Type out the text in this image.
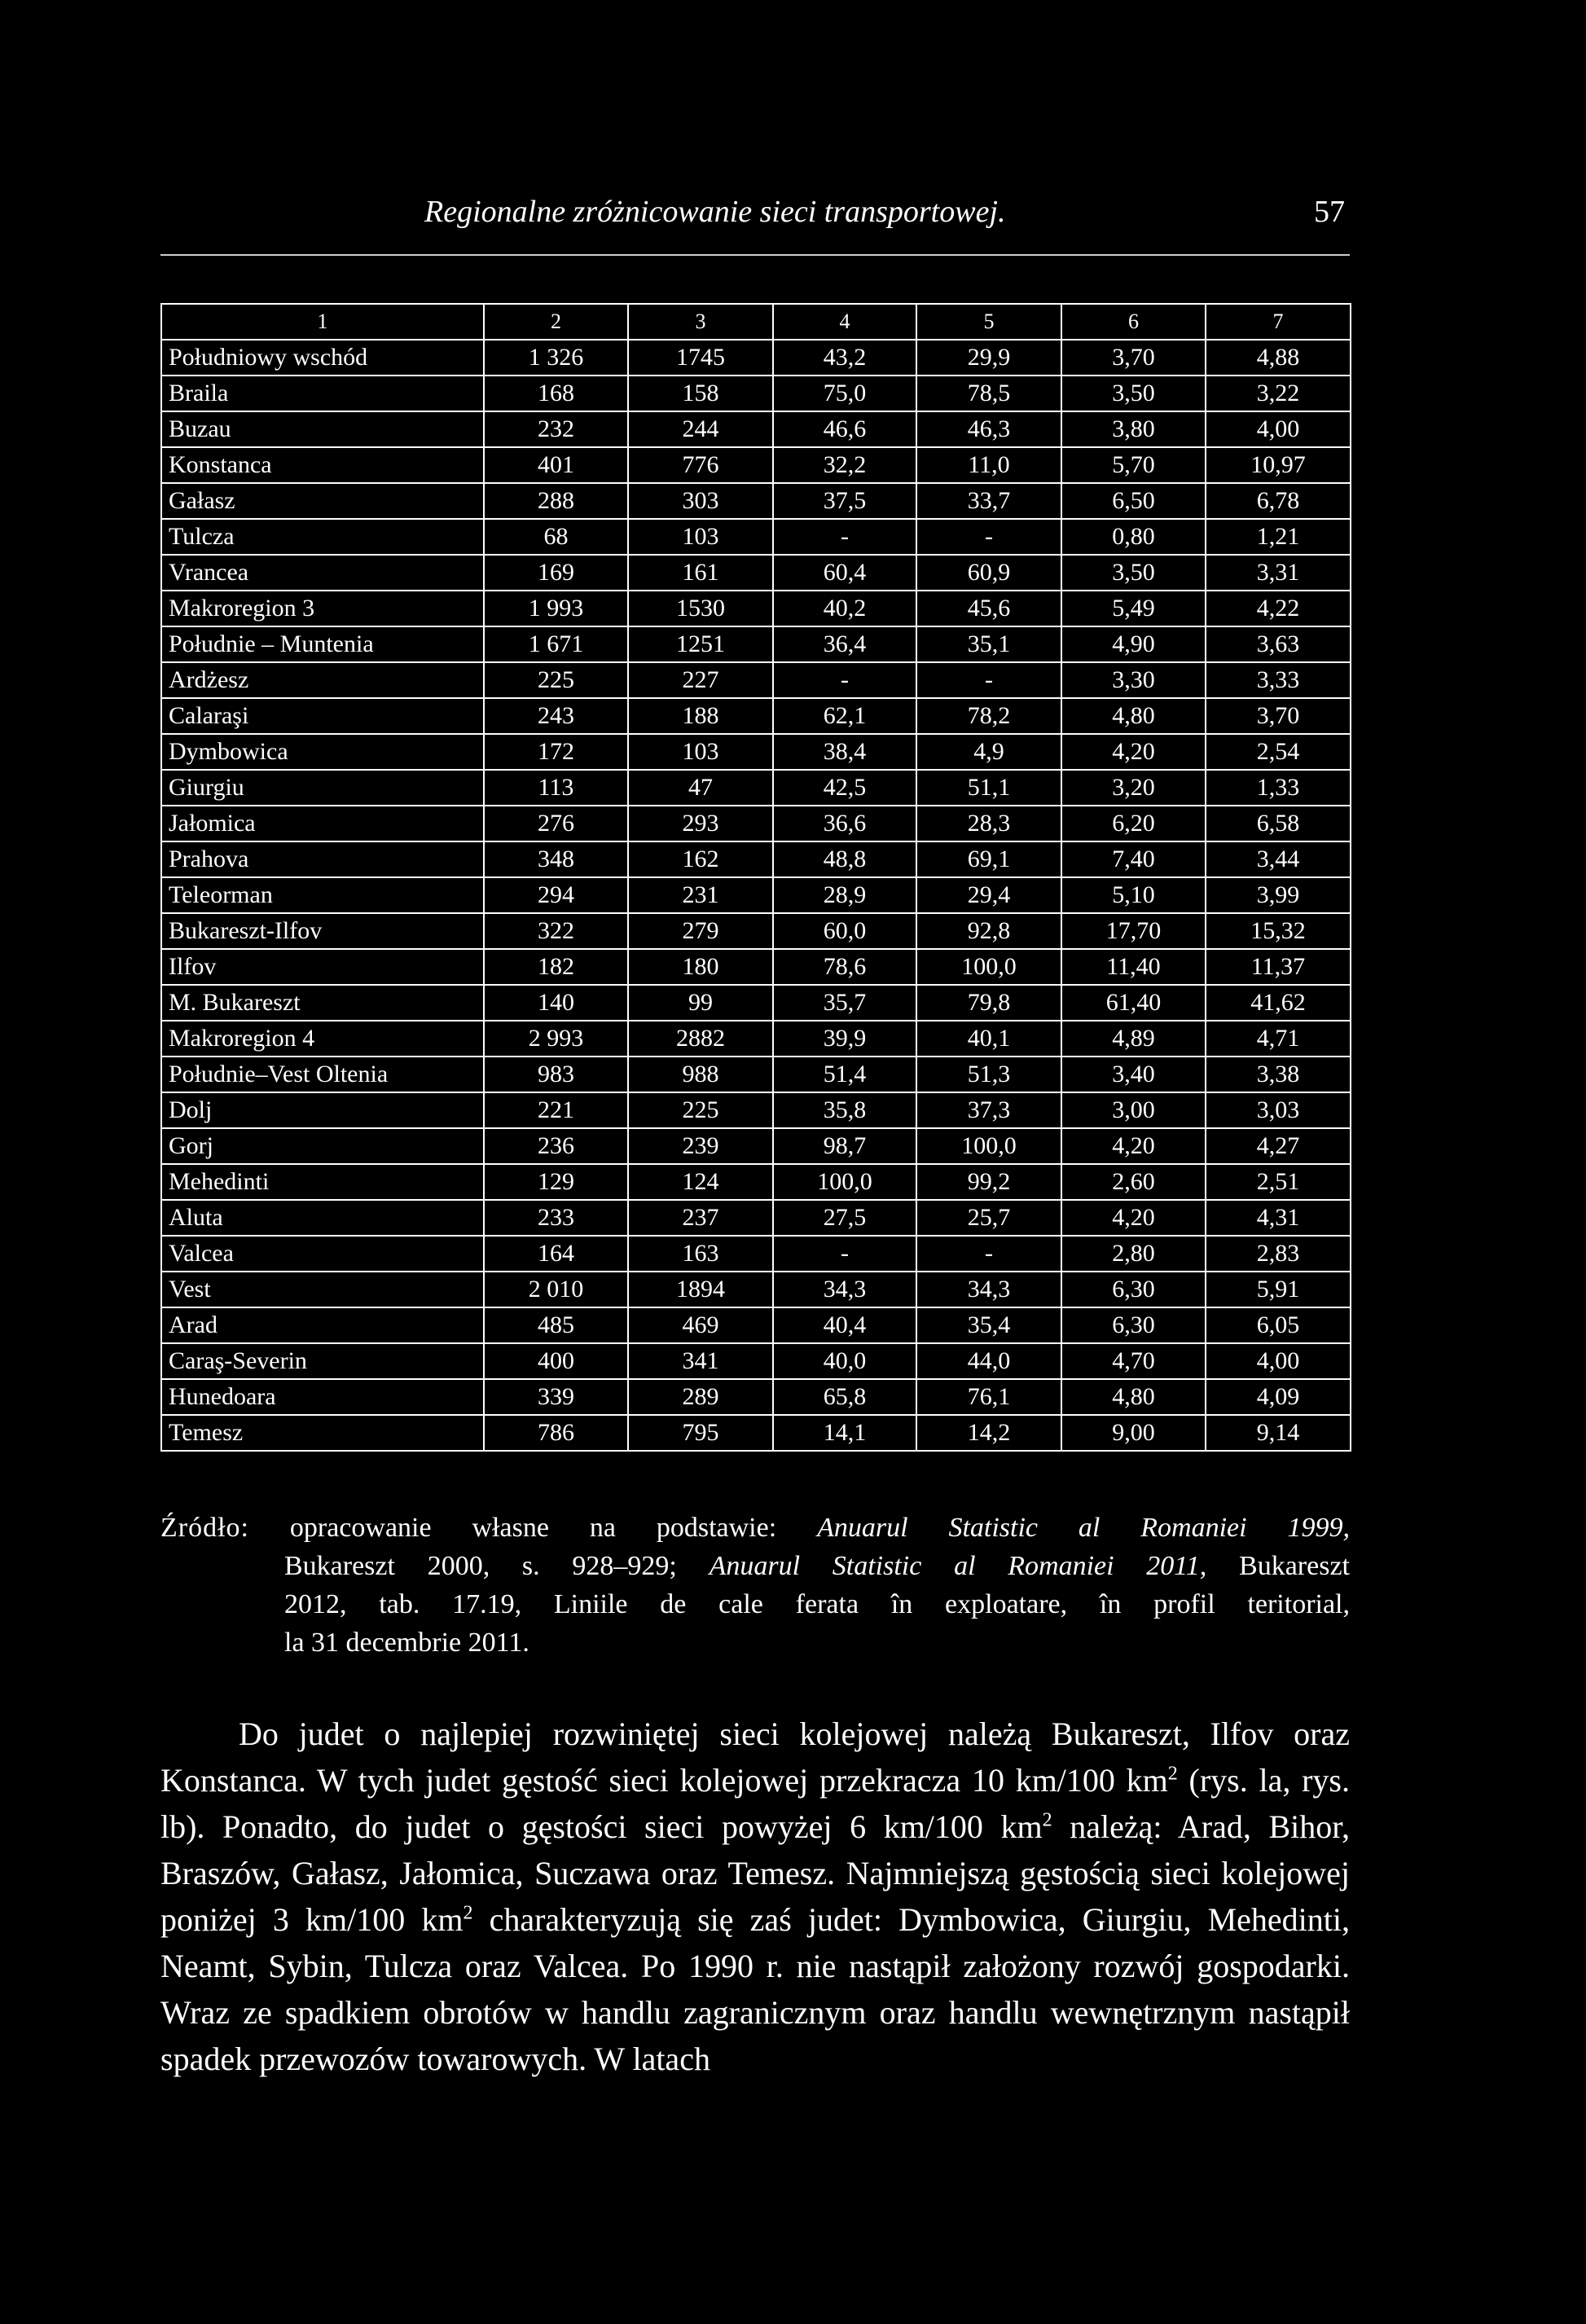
Regionalne zróżnicowanie sieci transportowej.	57
1	2	3	4	5	6	7
Południowy wschód	1 326	1745	43,2	29,9	3,70	4,88
Braila	168	158	75,0	78,5	3,50	3,22
Buzau	232	244	46,6	46,3	3,80	4,00
Konstanca	401	776	32,2	11,0	5,70	10,97
Gałasz	288	303	37,5	33,7	6,50	6,78
Tulcza	68	103	-	-	0,80	1,21
Vrancea	169	161	60,4	60,9	3,50	3,31
Makroregion 3	1 993	1530	40,2	45,6	5,49	4,22
Południe – Muntenia	1 671	1251	36,4	35,1	4,90	3,63
Ardżesz	225	227	-	-	3,30	3,33
Calaraşi	243	188	62,1	78,2	4,80	3,70
Dymbowica	172	103	38,4	4,9	4,20	2,54
Giurgiu	113	47	42,5	51,1	3,20	1,33
Jałomica	276	293	36,6	28,3	6,20	6,58
Prahova	348	162	48,8	69,1	7,40	3,44
Teleorman	294	231	28,9	29,4	5,10	3,99
Bukareszt-Ilfov	322	279	60,0	92,8	17,70	15,32
Ilfov	182	180	78,6	100,0	11,40	11,37
M. Bukareszt	140	99	35,7	79,8	61,40	41,62
Makroregion 4	2 993	2882	39,9	40,1	4,89	4,71
Południe–Vest Oltenia	983	988	51,4	51,3	3,40	3,38
Dolj	221	225	35,8	37,3	3,00	3,03
Gorj	236	239	98,7	100,0	4,20	4,27
Mehedinti	129	124	100,0	99,2	2,60	2,51
Aluta	233	237	27,5	25,7	4,20	4,31
Valcea	164	163	-	-	2,80	2,83
Vest	2 010	1894	34,3	34,3	6,30	5,91
Arad	485	469	40,4	35,4	6,30	6,05
Caraş-Severin	400	341	40,0	44,0	4,70	4,00
Hunedoara	339	289	65,8	76,1	4,80	4,09
Temesz	786	795	14,1	14,2	9,00	9,14
Źródło: opracowanie własne na podstawie: Anuarul Statistic al Romaniei 1999,
Bukareszt 2000, s. 928–929; Anuarul Statistic al Romaniei 2011, Bukareszt
2012, tab. 17.19, Liniile de cale ferata în exploatare, în profil teritorial,
la 31 decembrie 2011.

Do judet o najlepiej rozwiniętej sieci kolejowej należą Bukareszt, Ilfov oraz Konstanca. W tych judet gęstość sieci kolejowej przekracza 10 km/100 $km^2$ (rys. la, rys. lb). Ponadto, do judet o gęstości sieci powyżej 6 km/100 $km^2$ należą: Arad, Bihor, Braszów, Gałasz, Jałomica, Suczawa oraz Temesz. Najmniejszą gęstością sieci kolejowej poniżej 3 km/100 $km^2$ charakteryzują się zaś judet: Dymbowica, Giurgiu, Mehedinti, Neamt, Sybin, Tulcza oraz Valcea. Po 1990 r. nie nastąpił założony rozwój gospodarki. Wraz ze spadkiem obrotów w handlu zagranicznym oraz handlu wewnętrznym nastąpił spadek przewozów towarowych. W latach
